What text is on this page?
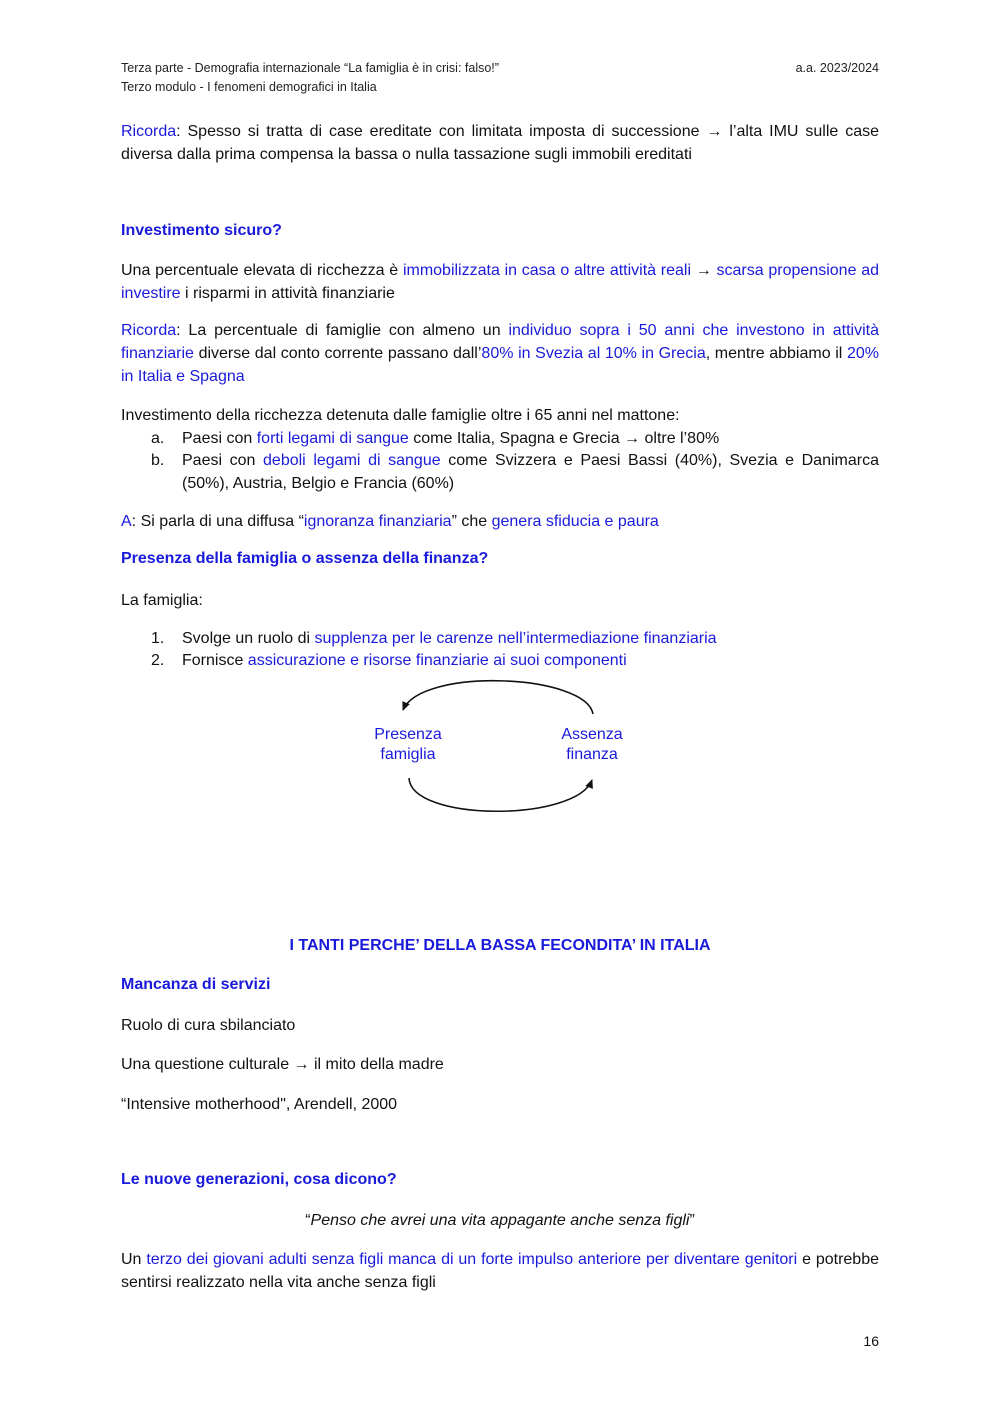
Terza parte - Demografia internazionale “La famiglia è in crisi: falso!”
Terzo modulo - I fenomeni demografici in Italia
a.a. 2023/2024
Ricorda: Spesso si tratta di case ereditate con limitata imposta di successione → l’alta IMU sulle case diversa dalla prima compensa la bassa o nulla tassazione sugli immobili ereditati
Investimento sicuro?
Una percentuale elevata di ricchezza è immobilizzata in casa o altre attività reali → scarsa propensione ad investire i risparmi in attività finanziarie
Ricorda: La percentuale di famiglie con almeno un individuo sopra i 50 anni che investono in attività finanziarie diverse dal conto corrente passano dall’80% in Svezia al 10% in Grecia, mentre abbiamo il 20% in Italia e Spagna
Investimento della ricchezza detenuta dalle famiglie oltre i 65 anni nel mattone:
a.	Paesi con forti legami di sangue come Italia, Spagna e Grecia → oltre l’80%
b.	Paesi con deboli legami di sangue come Svizzera e Paesi Bassi (40%), Svezia e Danimarca (50%), Austria, Belgio e Francia (60%)
A: Si parla di una diffusa “ignoranza finanziaria” che genera sfiducia e paura
Presenza della famiglia o assenza della finanza?
La famiglia:
1.	Svolge un ruolo di supplenza per le carenze nell’intermediazione finanziaria
2.	Fornisce assicurazione e risorse finanziarie ai suoi componenti
Presenza
famiglia
Assenza
finanza
I TANTI PERCHE’ DELLA BASSA FECONDITA’ IN ITALIA
Mancanza di servizi
Ruolo di cura sbilanciato
Una questione culturale → il mito della madre
“Intensive motherhood", Arendell, 2000
Le nuove generazioni, cosa dicono?
“Penso che avrei una vita appagante anche senza figli”
Un terzo dei giovani adulti senza figli manca di un forte impulso anteriore per diventare genitori e potrebbe sentirsi realizzato nella vita anche senza figli
16
